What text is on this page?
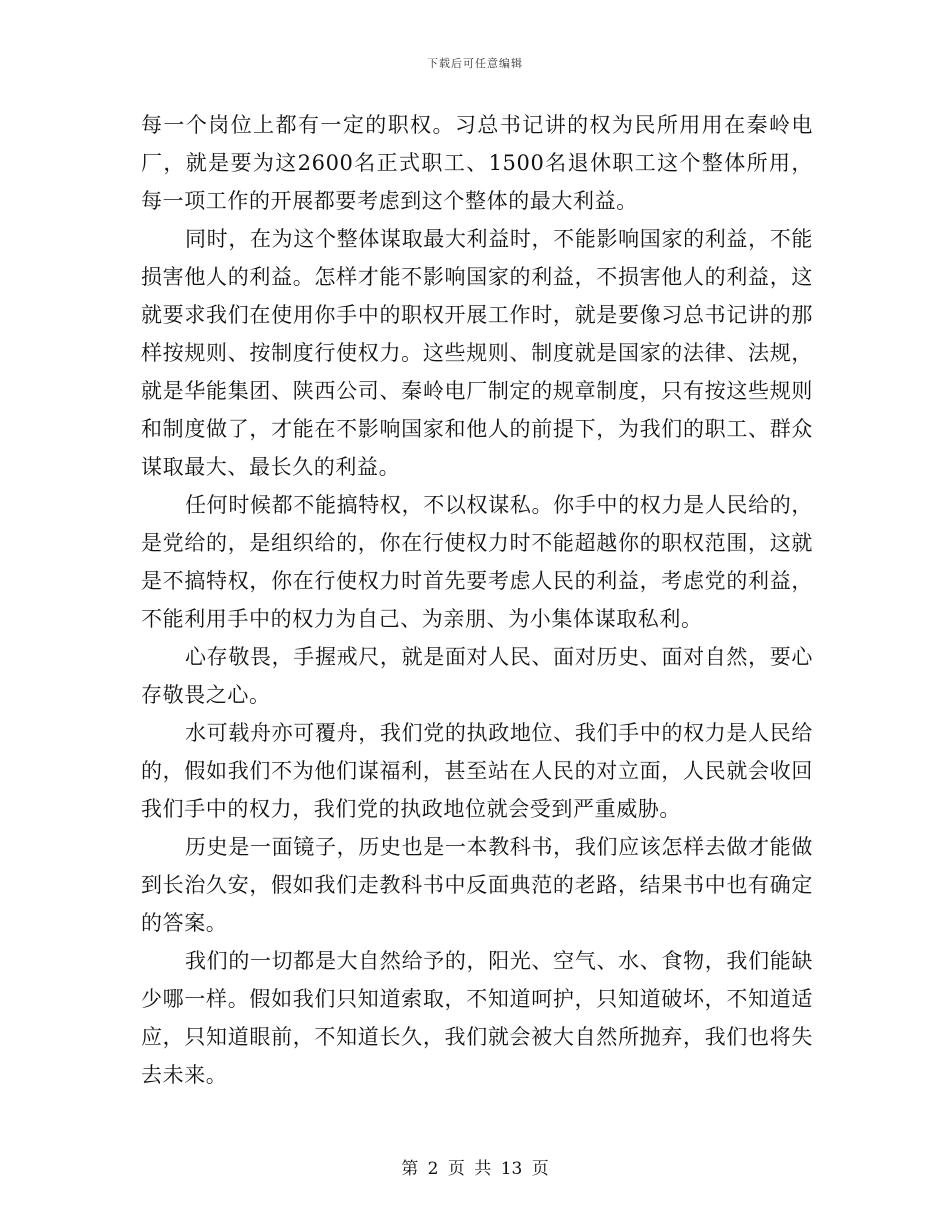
下载后可任意编辑

每一个岗位上都有一定的职权。习总书记讲的权为民所用用在秦岭电厂，就是要为这2600名正式职工、1500名退休职工这个整体所用，每一项工作的开展都要考虑到这个整体的最大利益。

同时，在为这个整体谋取最大利益时，不能影响国家的利益，不能损害他人的利益。怎样才能不影响国家的利益，不损害他人的利益，这就要求我们在使用你手中的职权开展工作时，就是要像习总书记讲的那样按规则、按制度行使权力。这些规则、制度就是国家的法律、法规，就是华能集团、陕西公司、秦岭电厂制定的规章制度，只有按这些规则和制度做了，才能在不影响国家和他人的前提下，为我们的职工、群众谋取最大、最长久的利益。

任何时候都不能搞特权，不以权谋私。你手中的权力是人民给的，是党给的，是组织给的，你在行使权力时不能超越你的职权范围，这就是不搞特权，你在行使权力时首先要考虑人民的利益，考虑党的利益，不能利用手中的权力为自己、为亲朋、为小集体谋取私利。

心存敬畏，手握戒尺，就是面对人民、面对历史、面对自然，要心存敬畏之心。

水可载舟亦可覆舟，我们党的执政地位、我们手中的权力是人民给的，假如我们不为他们谋福利，甚至站在人民的对立面，人民就会收回我们手中的权力，我们党的执政地位就会受到严重威胁。

历史是一面镜子，历史也是一本教科书，我们应该怎样去做才能做到长治久安，假如我们走教科书中反面典范的老路，结果书中也有确定的答案。

我们的一切都是大自然给予的，阳光、空气、水、食物，我们能缺少哪一样。假如我们只知道索取，不知道呵护，只知道破坏，不知道适应，只知道眼前，不知道长久，我们就会被大自然所抛弃，我们也将失去未来。

第 2 页 共 13 页
